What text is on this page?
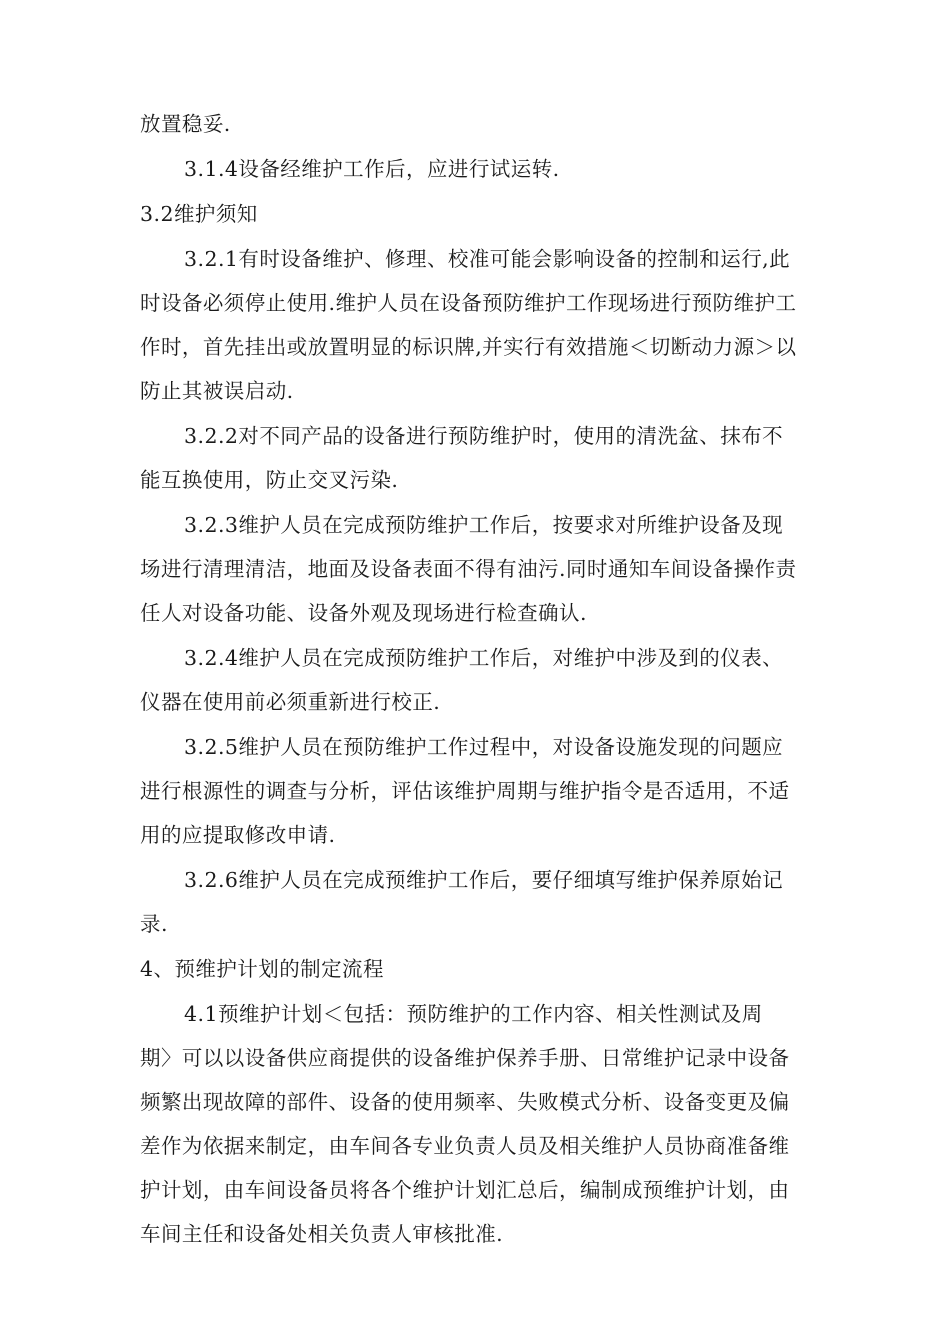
放置稳妥.

3.1.4设备经维护工作后，应进行试运转.

3.2维护须知

3.2.1有时设备维护、修理、校准可能会影响设备的控制和运行,此

时设备必须停止使用.维护人员在设备预防维护工作现场进行预防维护工

作时，首先挂出或放置明显的标识牌,并实行有效措施＜切断动力源＞以

防止其被误启动.

3.2.2对不同产品的设备进行预防维护时，使用的清洗盆、抹布不

能互换使用，防止交叉污染.

3.2.3维护人员在完成预防维护工作后，按要求对所维护设备及现

场进行清理清洁，地面及设备表面不得有油污.同时通知车间设备操作责

任人对设备功能、设备外观及现场进行检查确认.

3.2.4维护人员在完成预防维护工作后，对维护中涉及到的仪表、

仪器在使用前必须重新进行校正.

3.2.5维护人员在预防维护工作过程中，对设备设施发现的问题应

进行根源性的调查与分析，评估该维护周期与维护指令是否适用，不适

用的应提取修改申请.

3.2.6维护人员在完成预维护工作后，要仔细填写维护保养原始记

录.

4、预维护计划的制定流程

4.1预维护计划＜包括：预防维护的工作内容、相关性测试及周

期〉可以以设备供应商提供的设备维护保养手册、日常维护记录中设备

频繁出现故障的部件、设备的使用频率、失败模式分析、设备变更及偏

差作为依据来制定，由车间各专业负责人员及相关维护人员协商准备维

护计划，由车间设备员将各个维护计划汇总后，编制成预维护计划，由

车间主任和设备处相关负责人审核批准.
